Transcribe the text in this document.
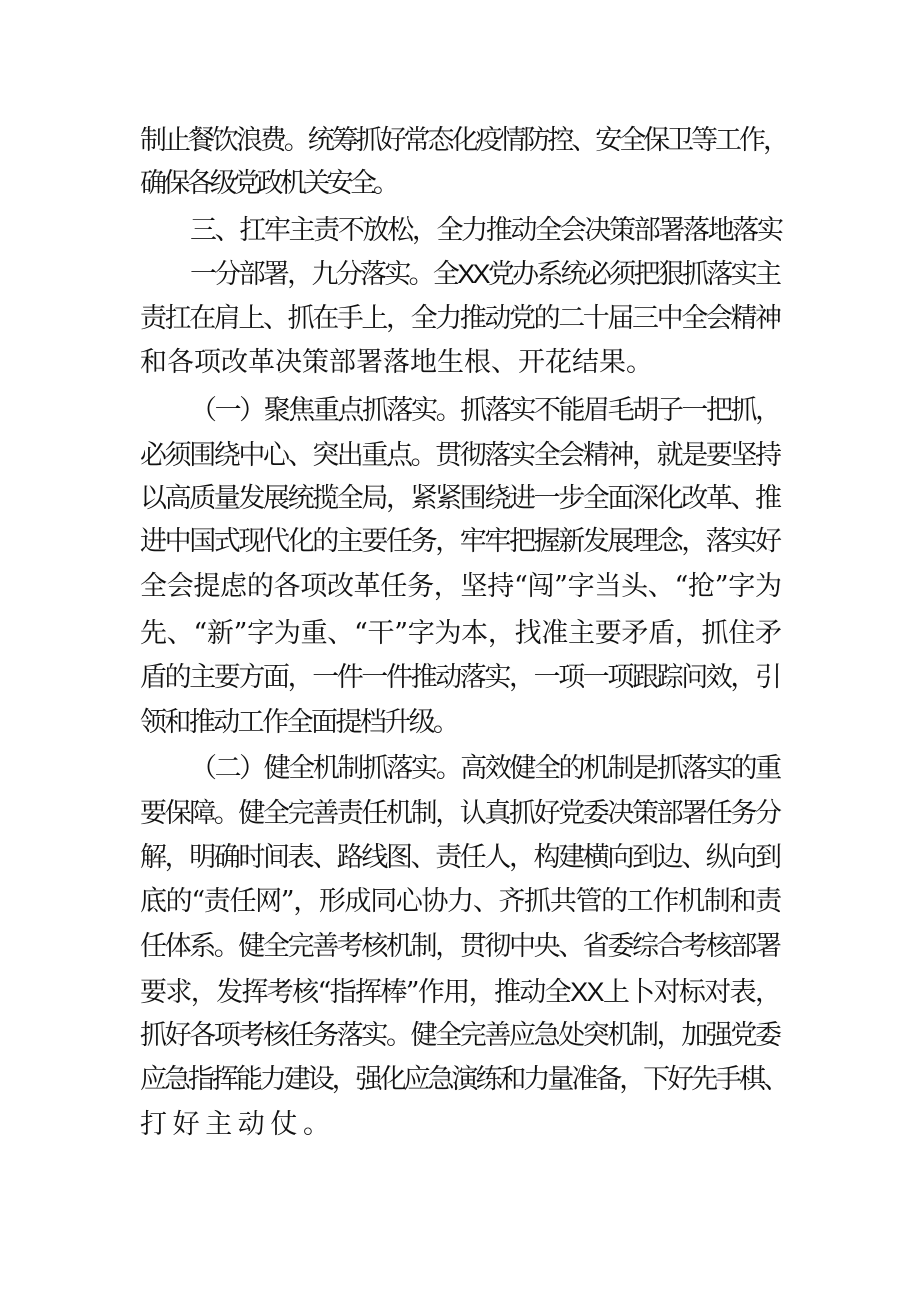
制止餐饮浪费。统筹抓好常态化疫情防控、安全保卫等工作，
确保各级党政机关安全。
三、扛牢主责不放松，全力推动全会决策部署落地落实
一分部署，九分落实。全XX党办系统必须把狠抓落实主
责扛在肩上、抓在手上，全力推动党的二十届三中全会精神
和各项改革决策部署落地生根、开花结果。
（一）聚焦重点抓落实。抓落实不能眉毛胡子一把抓，
必须围绕中心、突出重点。贯彻落实全会精神，就是要坚持
以高质量发展统揽全局，紧紧围绕进一步全面深化改革、推
进中国式现代化的主要任务，牢牢把握新发展理念，落实好
全会提虑的各项改革任务，坚持“闯”字当头、“抢”字为
先、“新”字为重、“干”字为本，找准主要矛盾，抓住矛
盾的主要方面，一件一件推动落实，一项一项跟踪问效，引
领和推动工作全面提档升级。
（二）健全机制抓落实。高效健全的机制是抓落实的重
要保障。健全完善责任机制，认真抓好党委决策部署任务分
解，明确时间表、路线图、责任人，构建横向到边、纵向到
底的“责任网”，形成同心协力、齐抓共管的工作机制和责
任体系。健全完善考核机制，贯彻中央、省委综合考核部署
要求，发挥考核“指挥棒”作用，推动全XX上卜对标对表，
抓好各项考核任务落实。健全完善应急处突机制，加强党委
应急指挥能力建设，强化应急演练和力量准备，下好先手棋、
打好主动仗。
